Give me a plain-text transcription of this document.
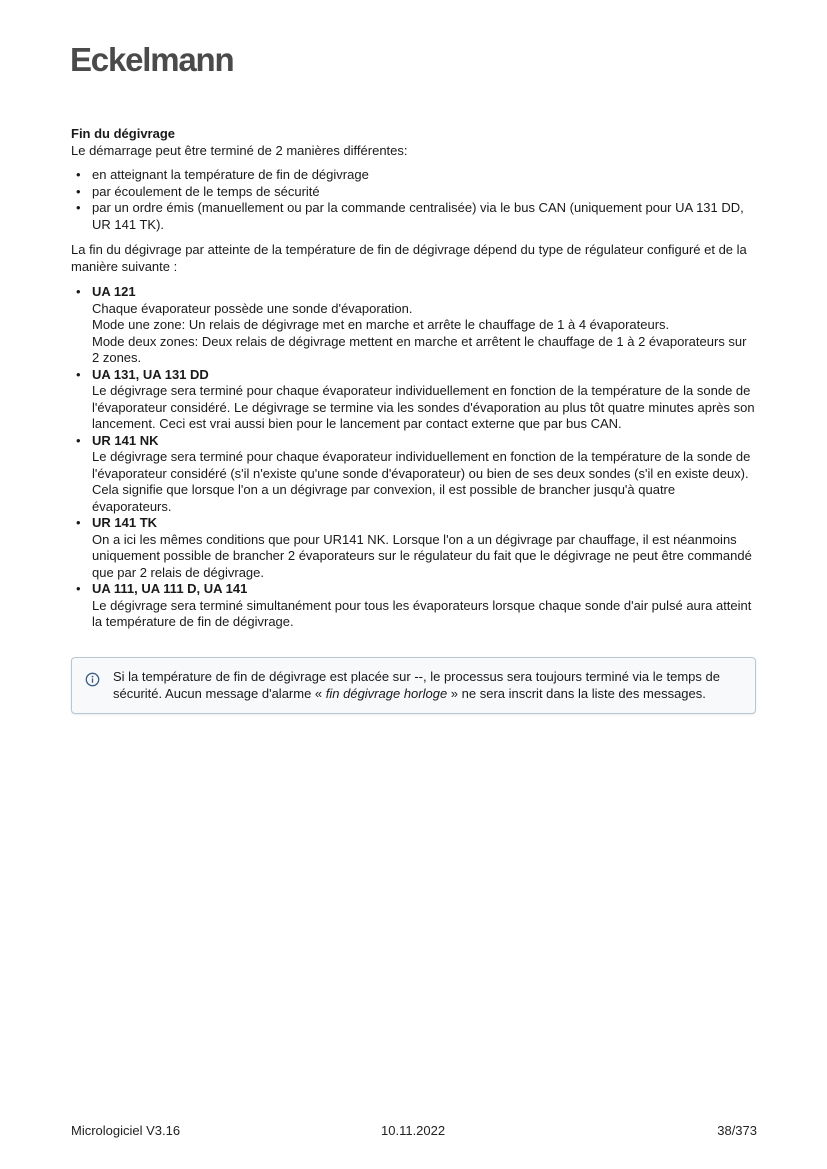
Eckelmann
Fin du dégivrage
Le démarrage peut être terminé de 2 manières différentes:
• en atteignant la température de fin de dégivrage
• par écoulement de le temps de sécurité
• par un ordre émis (manuellement ou par la commande centralisée) via le bus CAN (uniquement pour UA 131 DD, UR 141 TK).
La fin du dégivrage par atteinte de la température de fin de dégivrage dépend du type de régulateur configuré et de la manière suivante :
• UA 121
Chaque évaporateur possède une sonde d'évaporation.
Mode une zone: Un relais de dégivrage met en marche et arrête le chauffage de 1 à 4 évaporateurs.
Mode deux zones: Deux relais de dégivrage mettent en marche et arrêtent le chauffage de 1 à 2 évaporateurs sur 2 zones.
• UA 131, UA 131 DD
Le dégivrage sera terminé pour chaque évaporateur individuellement en fonction de la température de la sonde de l'évaporateur considéré. Le dégivrage se termine via les sondes d'évaporation au plus tôt quatre minutes après son lancement. Ceci est vrai aussi bien pour le lancement par contact externe que par bus CAN.
• UR 141 NK
Le dégivrage sera terminé pour chaque évaporateur individuellement en fonction de la température de la sonde de l'évaporateur considéré (s'il n'existe qu'une sonde d'évaporateur) ou bien de ses deux sondes (s'il en existe deux). Cela signifie que lorsque l'on a un dégivrage par convexion, il est possible de brancher jusqu'à quatre évaporateurs.
• UR 141 TK
On a ici les mêmes conditions que pour UR141 NK. Lorsque l'on a un dégivrage par chauffage, il est néanmoins uniquement possible de brancher 2 évaporateurs sur le régulateur du fait que le dégivrage ne peut être commandé que par 2 relais de dégivrage.
• UA 111, UA 111 D, UA 141
Le dégivrage sera terminé simultanément pour tous les évaporateurs lorsque chaque sonde d'air pulsé aura atteint la température de fin de dégivrage.
Si la température de fin de dégivrage est placée sur --, le processus sera toujours terminé via le temps de sécurité. Aucun message d'alarme « fin dégivrage horloge » ne sera inscrit dans la liste des messages.
Micrologiciel V3.16	10.11.2022	38/373
